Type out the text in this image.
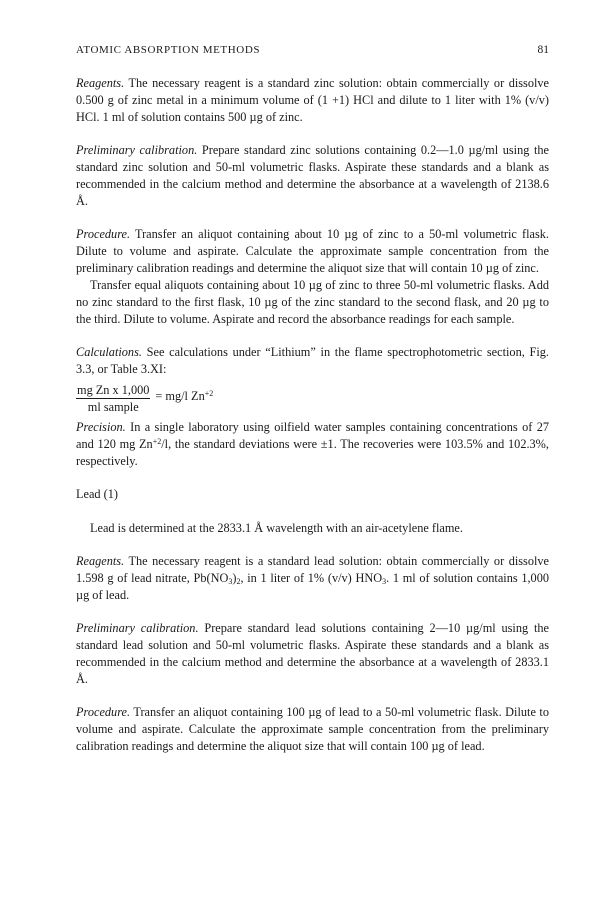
ATOMIC ABSORPTION METHODS	81

Reagents. The necessary reagent is a standard zinc solution: obtain commercially or dissolve 0.500 g of zinc metal in a minimum volume of (1 +1) HCl and dilute to 1 liter with 1% (v/v) HCl. 1 ml of solution contains 500 µg of zinc.

Preliminary calibration. Prepare standard zinc solutions containing 0.2—1.0 µg/ml using the standard zinc solution and 50-ml volumetric flasks. Aspirate these standards and a blank as recommended in the calcium method and determine the absorbance at a wavelength of 2138.6 Å.

Procedure. Transfer an aliquot containing about 10 µg of zinc to a 50-ml volumetric flask. Dilute to volume and aspirate. Calculate the approximate sample concentration from the preliminary calibration readings and determine the aliquot size that will contain 10 µg of zinc.

Transfer equal aliquots containing about 10 µg of zinc to three 50-ml volumetric flasks. Add no zinc standard to the first flask, 10 µg of the zinc standard to the second flask, and 20 µg to the third. Dilute to volume. Aspirate and record the absorbance readings for each sample.

Calculations. See calculations under “Lithium” in the flame spectrophotometric section, Fig. 3.3, or Table 3.XI:

$\frac{\text{mg Zn x 1,000}}{\text{ml sample}} = mg/l$ $Zn^{+2}$

Precision. In a single laboratory using oilfield water samples containing concentrations of 27 and 120 mg $Zn^{+2}/l$, the standard deviations were ±1. The recoveries were 103.5% and 102.3%, respectively.

Lead (1)

Lead is determined at the 2833.1 Å wavelength with an air-acetylene flame.

Reagents. The necessary reagent is a standard lead solution: obtain commercially or dissolve 1.598 g of lead nitrate, $Pb(NO_3)_2$, in 1 liter of 1% (v/v) $HNO_3$. 1 ml of solution contains 1,000 µg of lead.

Preliminary calibration. Prepare standard lead solutions containing 2—10 µg/ml using the standard lead solution and 50-ml volumetric flasks. Aspirate these standards and a blank as recommended in the calcium method and determine the absorbance at a wavelength of 2833.1 Å.

Procedure. Transfer an aliquot containing 100 µg of lead to a 50-ml volumetric flask. Dilute to volume and aspirate. Calculate the approximate sample concentration from the preliminary calibration readings and determine the aliquot size that will contain 100 µg of lead.
